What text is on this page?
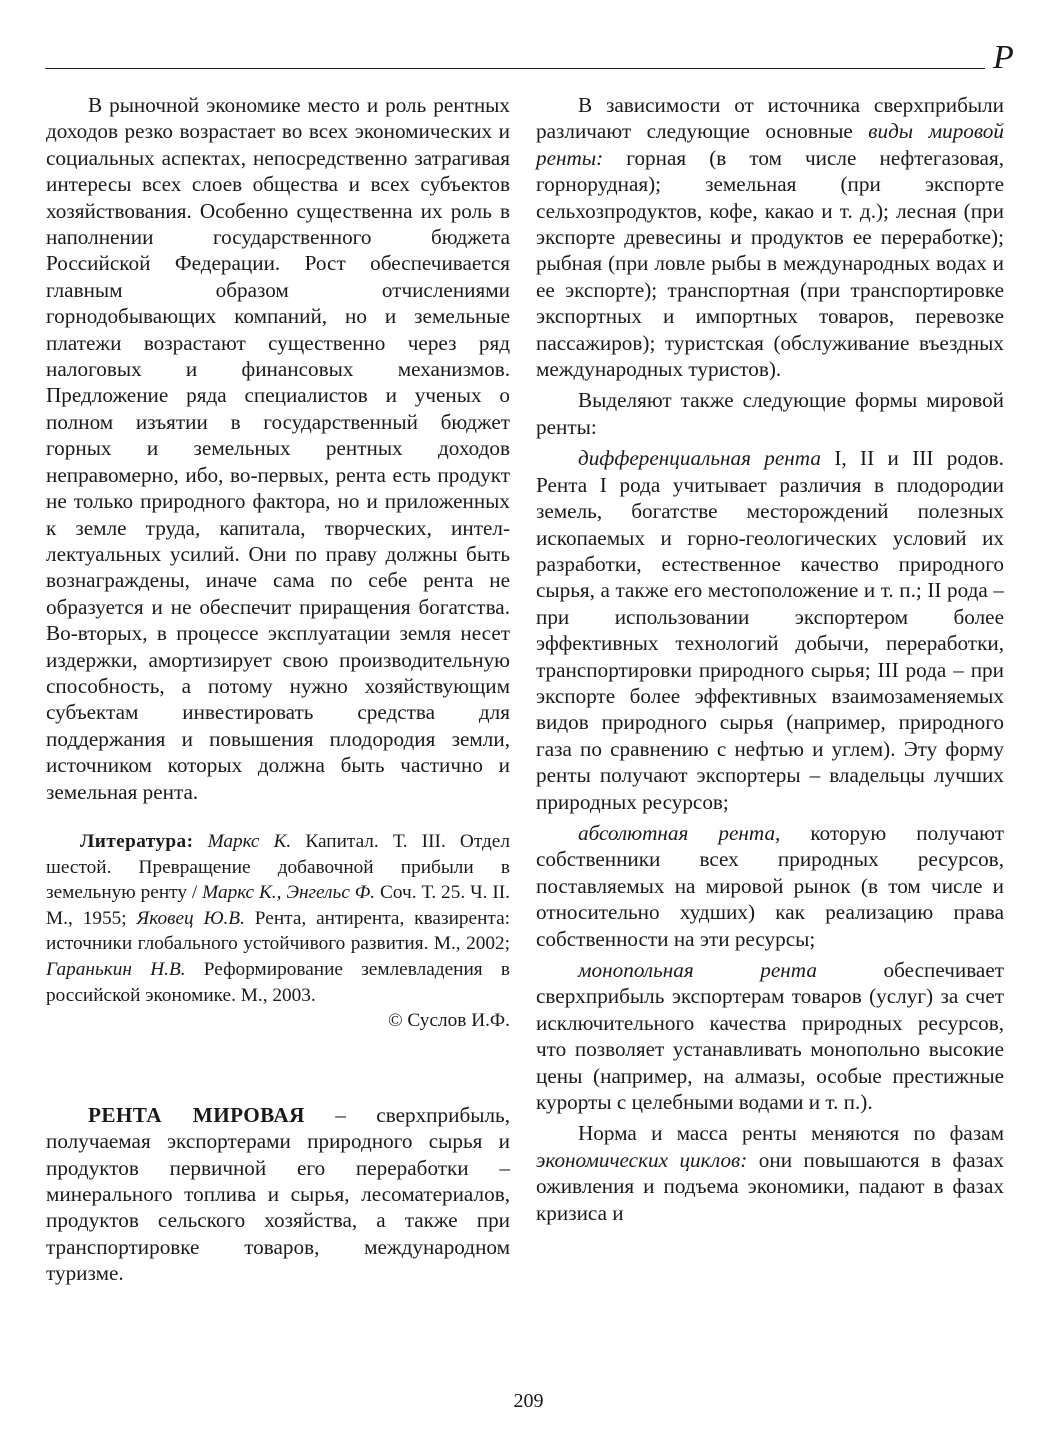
Р

В рыночной экономике место и роль рентных доходов резко возрастает во всех экономических и социальных аспектах, непосредственно затрагивая интересы всех слоев общества и всех субъектов хозяйствования. Особенно существенна их роль в наполнении государственного бюджета Российской Федерации. Рост обеспечивается главным образом отчислениями горнодобывающих компаний, но и земельные платежи возрастают существенно через ряд налоговых и финансовых механизмов. Предложение ряда специалистов и ученых о полном изъятии в государственный бюджет горных и земельных рентных доходов неправомерно, ибо, во-первых, рента есть продукт не только природного фактора, но и приложенных к земле труда, капитала, творческих, интеллектуальных усилий. Они по праву должны быть вознаграждены, иначе сама по себе рента не образуется и не обеспечит приращения богатства. Во-вторых, в процессе эксплуатации земля несет издержки, амортизирует свою производительную способность, а потому нужно хозяйствующим субъектам инвестировать средства для поддержания и повышения плодородия земли, источником которых должна быть частично и земельная рента.

Литература: Маркс К. Капитал. Т. III. Отдел шестой. Превращение добавочной прибыли в земельную ренту / Маркс К., Энгельс Ф. Соч. Т. 25. Ч. II. М., 1955; Яковец Ю.В. Рента, антирента, квазирента: источники глобального устойчивого развития. М., 2002; Гаранькин Н.В. Реформирование землевладения в российской экономике. М., 2003.

© Суслов И.Ф.

РЕНТА МИРОВАЯ – сверхприбыль, получаемая экспортерами природного сырья и продуктов первичной его переработки – минерального топлива и сырья, лесоматериалов, продуктов сельского хозяйства, а также при транспортировке товаров, международном туризме.

В зависимости от источника сверхприбыли различают следующие основные виды мировой ренты: горная (в том числе нефтегазовая, горнорудная); земельная (при экспорте сельхозпродуктов, кофе, какао и т. д.); лесная (при экспорте древесины и продуктов ее переработке); рыбная (при ловле рыбы в международных водах и ее экспорте); транспортная (при транспортировке экспортных и импортных товаров, перевозке пассажиров); туристская (обслуживание въездных международных туристов).

Выделяют также следующие формы мировой ренты:

дифференциальная рента I, II и III родов. Рента I рода учитывает различия в плодородии земель, богатстве месторождений полезных ископаемых и горно-геологических условий их разработки, естественное качество природного сырья, а также его местоположение и т. п.; II рода – при использовании экспортером более эффективных технологий добычи, переработки, транспортировки природного сырья; III рода – при экспорте более эффективных взаимозаменяемых видов природного сырья (например, природного газа по сравнению с нефтью и углем). Эту форму ренты получают экспортеры – владельцы лучших природных ресурсов;

абсолютная рента, которую получают собственники всех природных ресурсов, поставляемых на мировой рынок (в том числе и относительно худших) как реализацию права собственности на эти ресурсы;

монопольная рента обеспечивает сверхприбыль экспортерам товаров (услуг) за счет исключительного качества природных ресурсов, что позволяет устанавливать монопольно высокие цены (например, на алмазы, особые престижные курорты с целебными водами и т. п.).

Норма и масса ренты меняются по фазам экономических циклов: они повышаются в фазах оживления и подъема экономики, падают в фазах кризиса и

209
